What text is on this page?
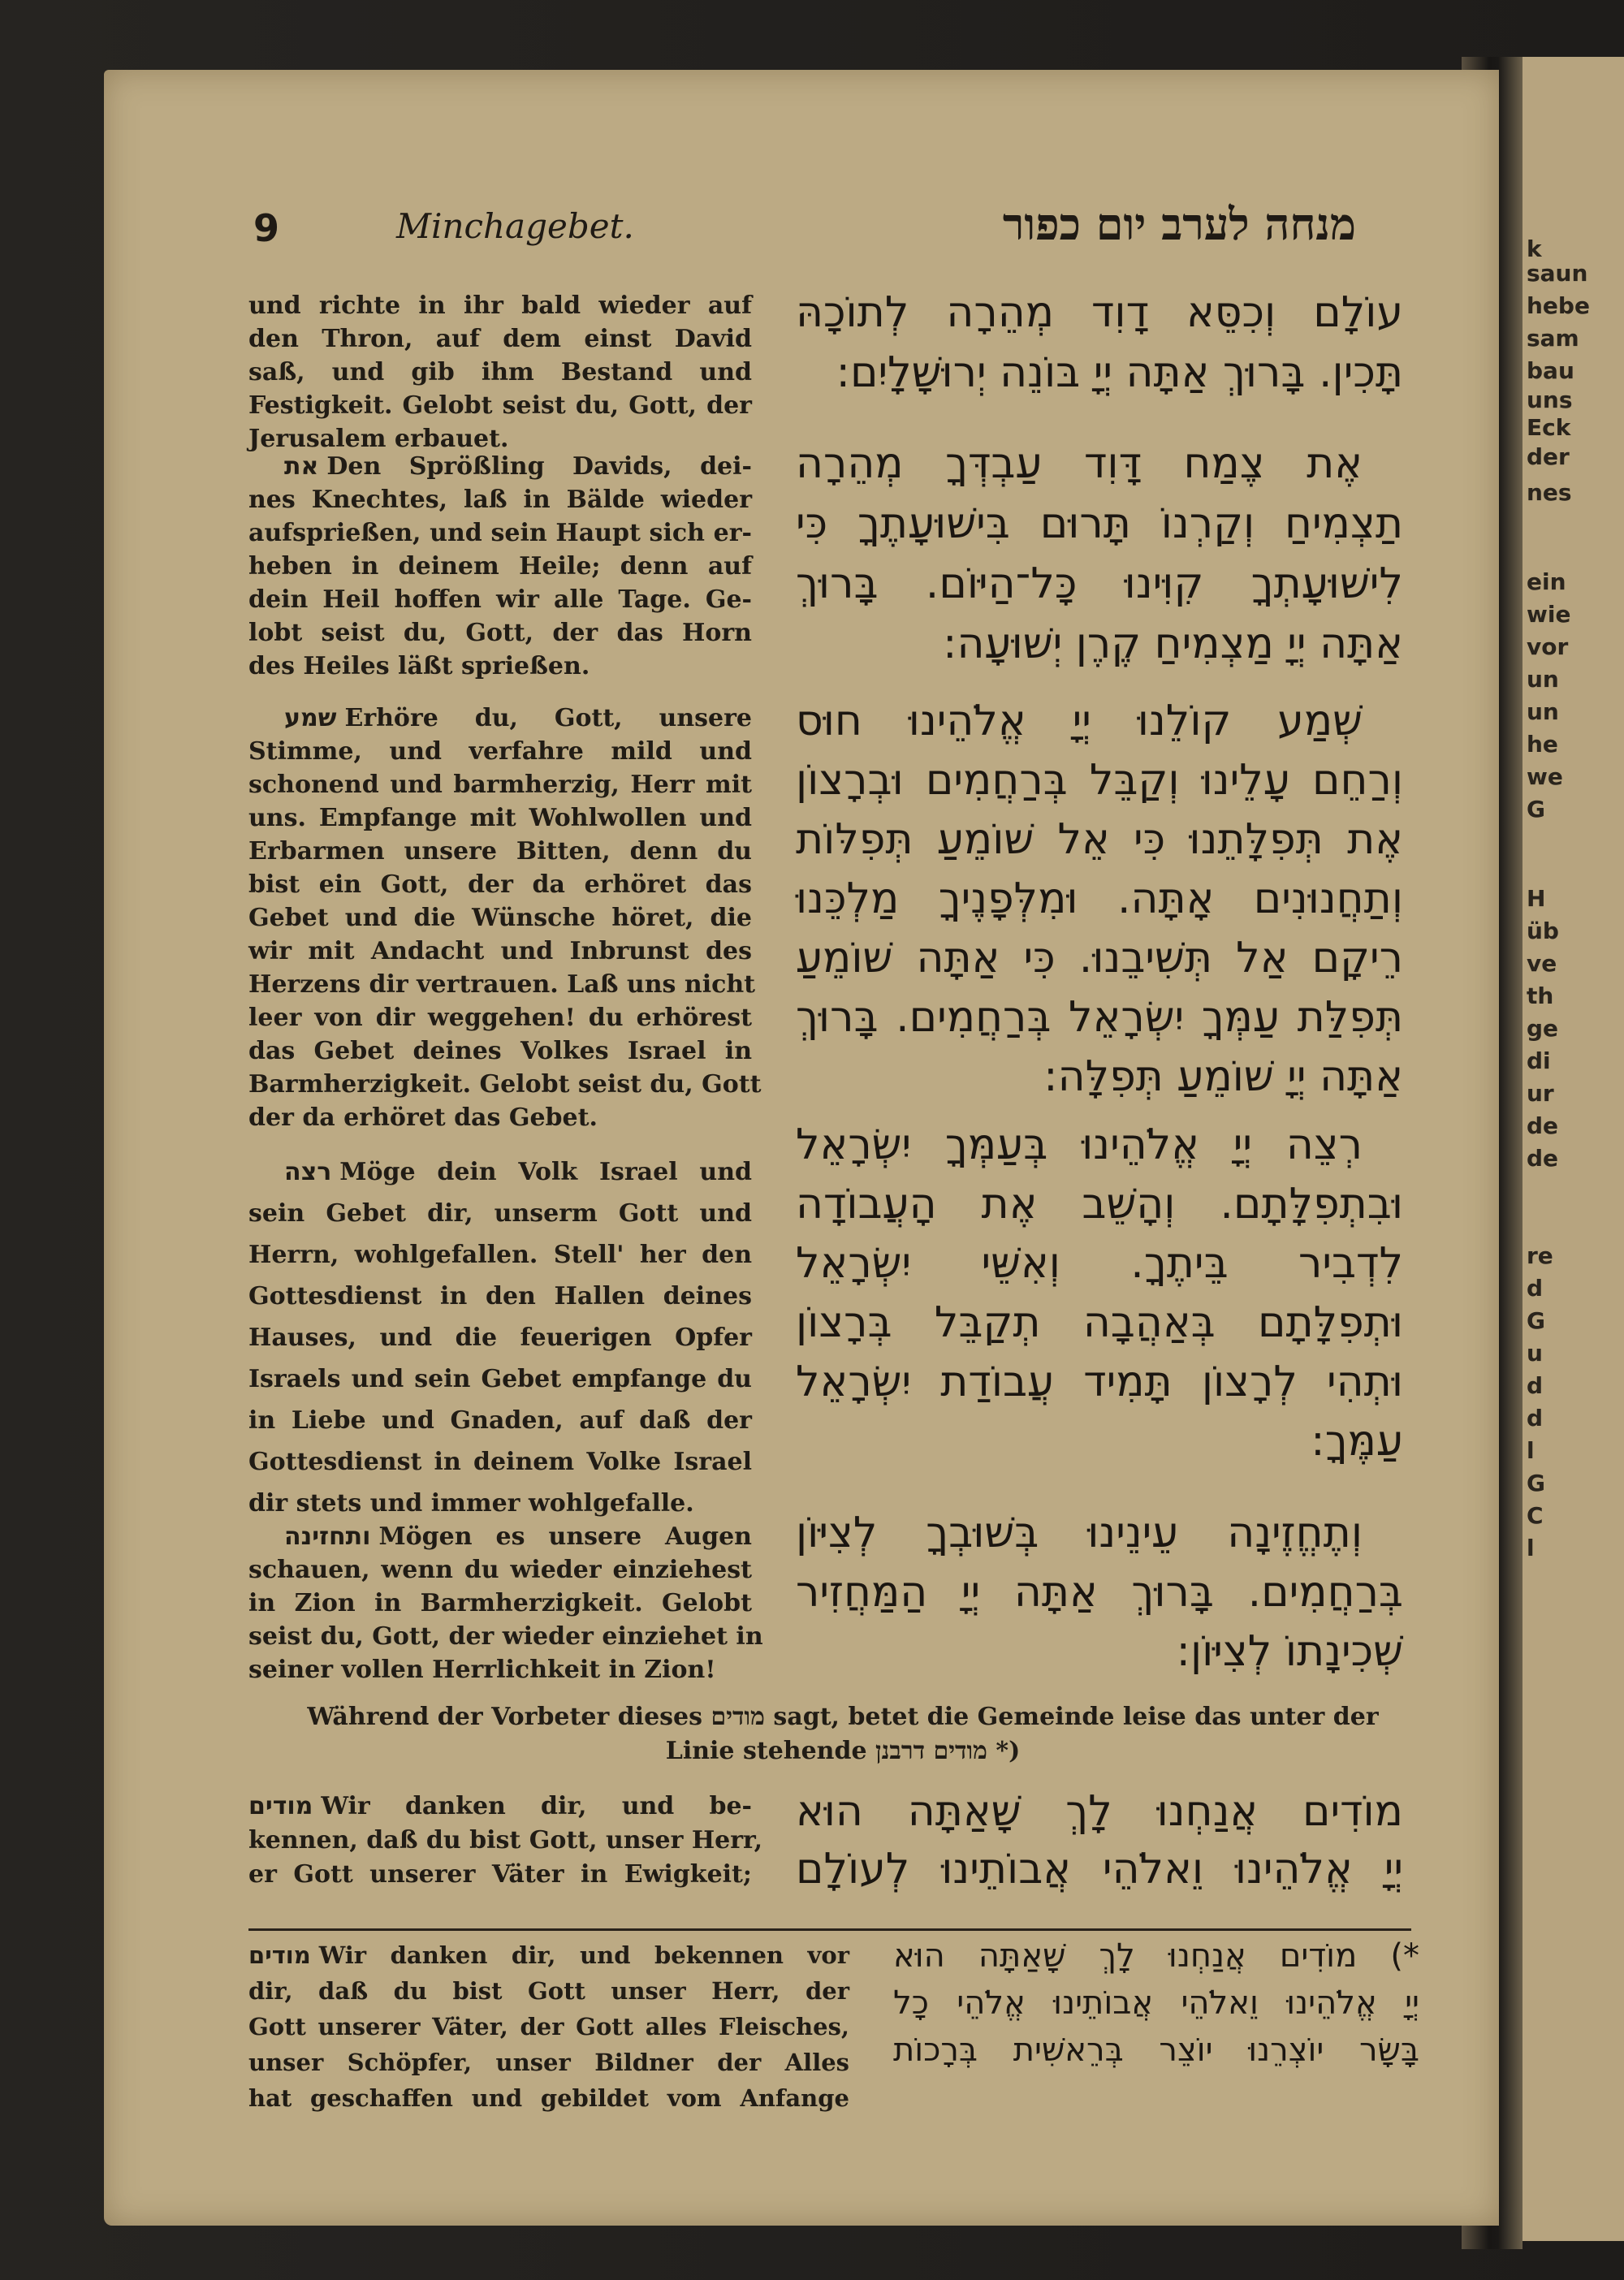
k
saun
hebe
sam
bau
uns
Eck
der
nes
ein
wie
vor
un
un
he
we
G
H
üb
ve
th
ge
di
ur
de
de
re
d
G
u
d
d
l
G
C
l
9	Minchagebet.	מנחה לערב יום כפור
und richte in ihr bald wieder auf
den Thron, auf dem einst David
saß, und gib ihm Bestand und
Festigkeit. Gelobt seist du, Gott, der
Jerusalem erbauet.
את Den Sprößling Davids, dei-
nes Knechtes, laß in Bälde wieder
aufsprießen, und sein Haupt sich er-
heben in deinem Heile; denn auf
dein Heil hoffen wir alle Tage. Ge-
lobt seist du, Gott, der das Horn
des Heiles läßt sprießen.
שמע Erhöre du, Gott, unsere
Stimme, und verfahre mild und
schonend und barmherzig, Herr mit
uns. Empfange mit Wohlwollen und
Erbarmen unsere Bitten, denn du
bist ein Gott, der da erhöret das
Gebet und die Wünsche höret, die
wir mit Andacht und Inbrunst des
Herzens dir vertrauen. Laß uns nicht
leer von dir weggehen! du erhörest
das Gebet deines Volkes Israel in
Barmherzigkeit. Gelobt seist du, Gott
der da erhöret das Gebet.
רצה Möge dein Volk Israel und
sein Gebet dir, unserm Gott und
Herrn, wohlgefallen. Stell' her den
Gottesdienst in den Hallen deines
Hauses, und die feuerigen Opfer
Israels und sein Gebet empfange du
in Liebe und Gnaden, auf daß der
Gottesdienst in deinem Volke Israel
dir stets und immer wohlgefalle.
ותחזינה Mögen es unsere Augen
schauen, wenn du wieder einziehest
in Zion in Barmherzigkeit. Gelobt
seist du, Gott, der wieder einziehet in
seiner vollen Herrlichkeit in Zion!
עוֹלָם וְכִסֵּא דָוִד מְהֵרָה לְתוֹכָהּ
תָּכִין. בָּרוּךְ אַתָּה יְיָ בּוֹנֵה יְרוּשָׁלָיִם:
אֶת צֶמַח דָּוִד עַבְדְּךָ מְהֵרָה
תַצְמִיחַ וְקַרְנוֹ תָּרוּם בִּישׁוּעָתֶךָ כִּי
לִישׁוּעָתְךָ קִוִּינוּ כָּל־הַיּוֹם. בָּרוּךְ
אַתָּה יְיָ מַצְמִיחַ קֶרֶן יְשׁוּעָה:
שְׁמַע קוֹלֵנוּ יְיָ אֱלֹהֵינוּ חוּס
וְרַחֵם עָלֵינוּ וְקַבֵּל בְּרַחֲמִים וּבְרָצוֹן
אֶת תְּפִלָּתֵנוּ כִּי אֵל שׁוֹמֵעַ תְּפִלּוֹת
וְתַחֲנוּנִים אָתָּה. וּמִלְּפָנֶיךָ מַלְכֵּנוּ
רֵיקָם אַל תְּשִׁיבֵנוּ. כִּי אַתָּה שׁוֹמֵעַ
תְּפִלַּת עַמְּךָ יִשְׂרָאֵל בְּרַחֲמִים. בָּרוּךְ
אַתָּה יְיָ שׁוֹמֵעַ תְּפִלָּה:
רְצֵה יְיָ אֱלֹהֵינוּ בְּעַמְּךָ יִשְׂרָאֵל
וּבִתְפִלָּתָם. וְהָשֵׁב אֶת הָעֲבוֹדָה
לִדְבִיר בֵּיתֶךָ. וְאִשֵּׁי יִשְׂרָאֵל
וּתְפִלָּתָם בְּאַהֲבָה תְקַבֵּל בְּרָצוֹן
וּתְהִי לְרָצוֹן תָּמִיד עֲבוֹדַת יִשְׂרָאֵל
עַמֶּךָ:
וְתֶחֱזֶינָה עֵינֵינוּ בְּשׁוּבְךָ לְצִיּוֹן
בְּרַחֲמִים. בָּרוּךְ אַתָּה יְיָ הַמַּחֲזִיר
שְׁכִינָתוֹ לְצִיּוֹן:
Während der Vorbeter dieses מודים sagt, betet die Gemeinde leise das unter der
Linie stehende מודים דרבנן *)
מודים Wir danken dir, und be-
kennen, daß du bist Gott, unser Herr,
er Gott unserer Väter in Ewigkeit;
מוֹדִים אֲנַחְנוּ לָךְ שָׁאַתָּה הוּא
יְיָ אֱלֹהֵינוּ וֵאלֹהֵי אֲבוֹתֵינוּ לְעוֹלָם
מודים Wir danken dir, und bekennen vor
dir, daß du bist Gott unser Herr, der
Gott unserer Väter, der Gott alles Fleisches,
unser Schöpfer, unser Bildner der Alles
hat geschaffen und gebildet vom Anfange
*) מוֹדִים אֲנַחְנוּ לָךְ שָׁאַתָּה הוּא
יְיָ אֱלֹהֵינוּ וֵאלֹהֵי אֲבוֹתֵינוּ אֱלֹהֵי כָל
בָּשָׂר יוֹצְרֵנוּ יוֹצֵר בְּרֵאשִׁית בְּרָכוֹת
